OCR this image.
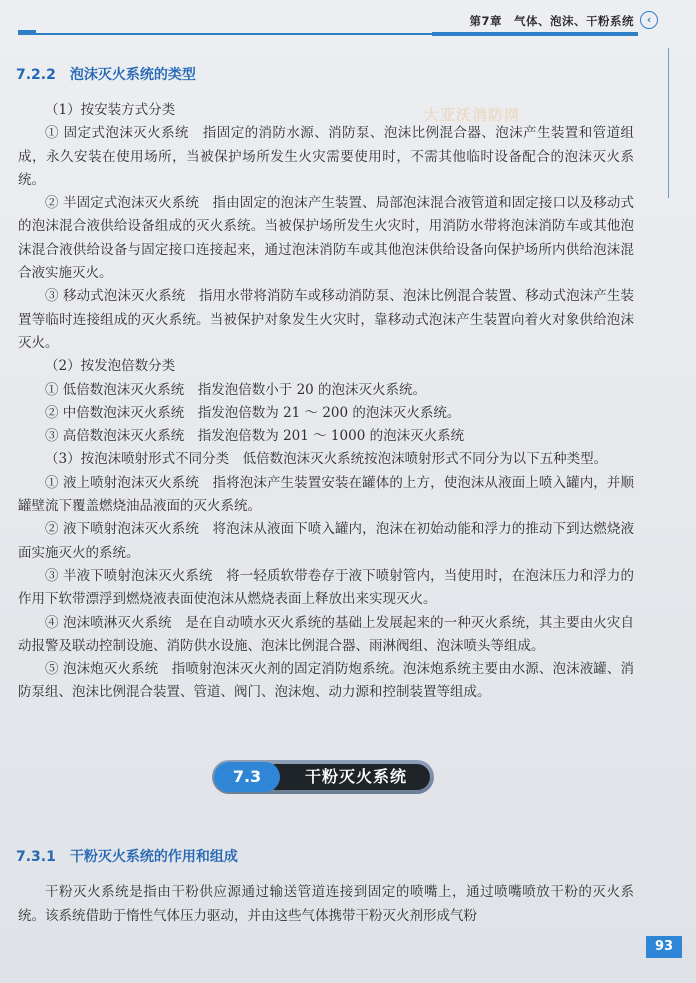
第7章　气体、泡沫、干粉系统	‹
大亚沃消防网
7.2.2 泡沫灭火系统的类型

（1）按安装方式分类

① 固定式泡沫灭火系统　指固定的消防水源、消防泵、泡沫比例混合器、泡沫产生装置和管道组成，永久安装在使用场所，当被保护场所发生火灾需要使用时，不需其他临时设备配合的泡沫灭火系统。

② 半固定式泡沫灭火系统　指由固定的泡沫产生装置、局部泡沫混合液管道和固定接口以及移动式的泡沫混合液供给设备组成的灭火系统。当被保护场所发生火灾时，用消防水带将泡沫消防车或其他泡沫混合液供给设备与固定接口连接起来，通过泡沫消防车或其他泡沫供给设备向保护场所内供给泡沫混合液实施灭火。

③ 移动式泡沫灭火系统　指用水带将消防车或移动消防泵、泡沫比例混合装置、移动式泡沫产生装置等临时连接组成的灭火系统。当被保护对象发生火灾时，靠移动式泡沫产生装置向着火对象供给泡沫灭火。

（2）按发泡倍数分类

① 低倍数泡沫灭火系统　指发泡倍数小于 20 的泡沫灭火系统。

② 中倍数泡沫灭火系统　指发泡倍数为 21 ～ 200 的泡沫灭火系统。

③ 高倍数泡沫灭火系统　指发泡倍数为 201 ～ 1000 的泡沫灭火系统

（3）按泡沫喷射形式不同分类　低倍数泡沫灭火系统按泡沫喷射形式不同分为以下五种类型。

① 液上喷射泡沫灭火系统　指将泡沫产生装置安装在罐体的上方，使泡沫从液面上喷入罐内，并顺罐壁流下覆盖燃烧油品液面的灭火系统。

② 液下喷射泡沫灭火系统　将泡沫从液面下喷入罐内，泡沫在初始动能和浮力的推动下到达燃烧液面实施灭火的系统。

③ 半液下喷射泡沫灭火系统　将一轻质软带卷存于液下喷射管内，当使用时，在泡沫压力和浮力的作用下软带漂浮到燃烧液表面使泡沫从燃烧表面上释放出来实现灭火。

④ 泡沫喷淋灭火系统　是在自动喷水灭火系统的基础上发展起来的一种灭火系统，其主要由火灾自动报警及联动控制设施、消防供水设施、泡沫比例混合器、雨淋阀组、泡沫喷头等组成。

⑤ 泡沫炮灭火系统　指喷射泡沫灭火剂的固定消防炮系统。泡沫炮系统主要由水源、泡沫液罐、消防泵组、泡沫比例混合装置、管道、阀门、泡沫炮、动力源和控制装置等组成。

7.3	干粉灭火系统
7.3.1 干粉灭火系统的作用和组成

干粉灭火系统是指由干粉供应源通过输送管道连接到固定的喷嘴上，通过喷嘴喷放干粉的灭火系统。该系统借助于惰性气体压力驱动，并由这些气体携带干粉灭火剂形成气粉

93
